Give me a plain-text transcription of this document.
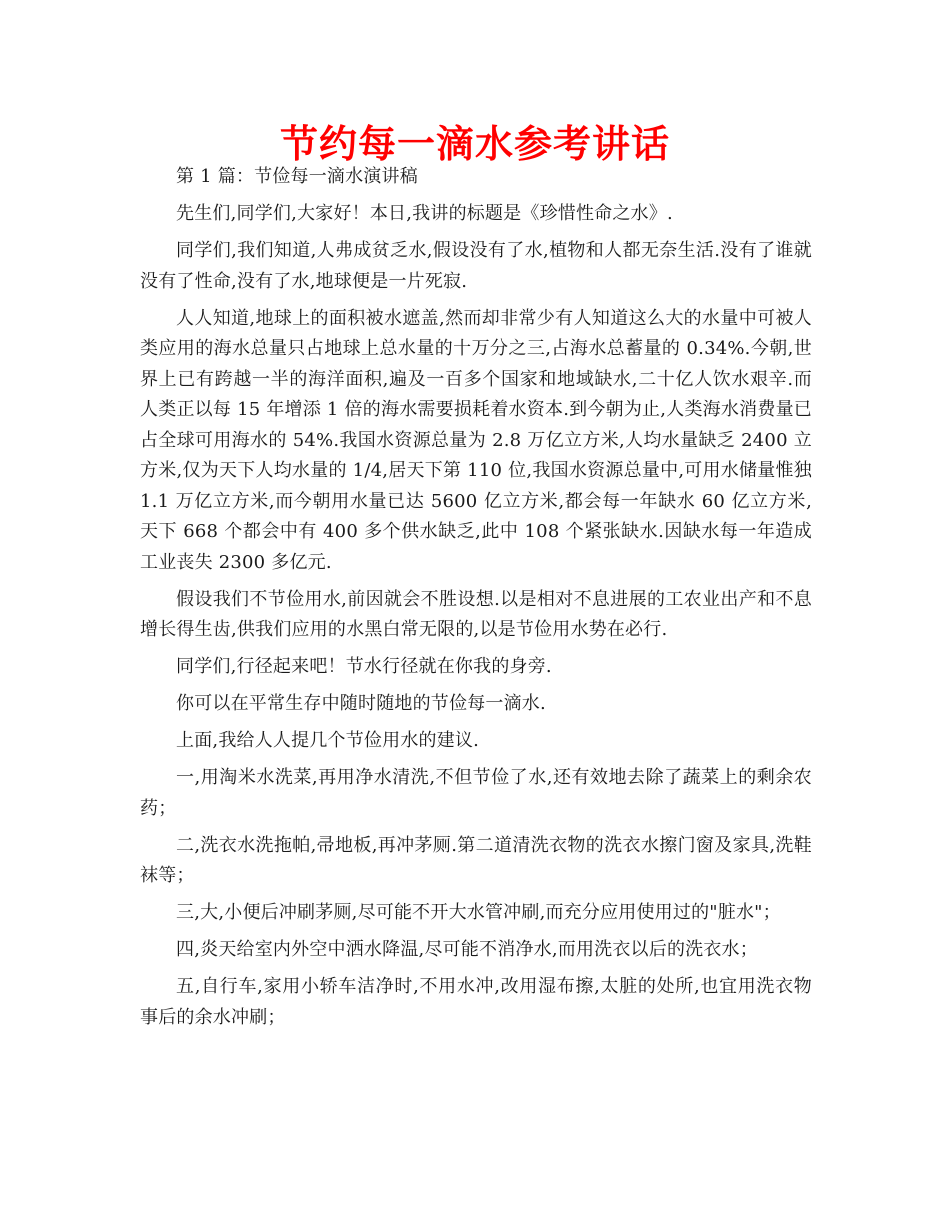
节约每一滴水参考讲话

第 1 篇：节俭每一滴水演讲稿

先生们,同学们,大家好！本日,我讲的标题是《珍惜性命之水》.

同学们,我们知道,人弗成贫乏水,假设没有了水,植物和人都无奈生活.没有了谁就没有了性命,没有了水,地球便是一片死寂.

人人知道,地球上的面积被水遮盖,然而却非常少有人知道这么大的水量中可被人类应用的海水总量只占地球上总水量的十万分之三,占海水总蓄量的 0.34%.今朝,世界上已有跨越一半的海洋面积,遍及一百多个国家和地域缺水,二十亿人饮水艰辛.而人类正以每 15 年增添 1 倍的海水需要损耗着水资本.到今朝为止,人类海水消费量已占全球可用海水的 54%.我国水资源总量为 2.8 万亿立方米,人均水量缺乏 2400 立方米,仅为天下人均水量的 1/4,居天下第 110 位,我国水资源总量中,可用水储量惟独 1.1 万亿立方米,而今朝用水量已达 5600 亿立方米,都会每一年缺水 60 亿立方米,天下 668 个都会中有 400 多个供水缺乏,此中 108 个紧张缺水.因缺水每一年造成工业丧失 2300 多亿元.

假设我们不节俭用水,前因就会不胜设想.以是相对不息进展的工农业出产和不息增长得生齿,供我们应用的水黑白常无限的,以是节俭用水势在必行.

同学们,行径起来吧！节水行径就在你我的身旁.

你可以在平常生存中随时随地的节俭每一滴水.

上面,我给人人提几个节俭用水的建议.

一,用淘米水洗菜,再用净水清洗,不但节俭了水,还有效地去除了蔬菜上的剩余农药；

二,洗衣水洗拖帕,帚地板,再冲茅厕.第二道清洗衣物的洗衣水擦门窗及家具,洗鞋袜等；

三,大,小便后冲刷茅厕,尽可能不开大水管冲刷,而充分应用使用过的"脏水"；

四,炎天给室内外空中洒水降温,尽可能不消净水,而用洗衣以后的洗衣水；

五,自行车,家用小轿车洁净时,不用水冲,改用湿布擦,太脏的处所,也宜用洗衣物事后的余水冲刷；
